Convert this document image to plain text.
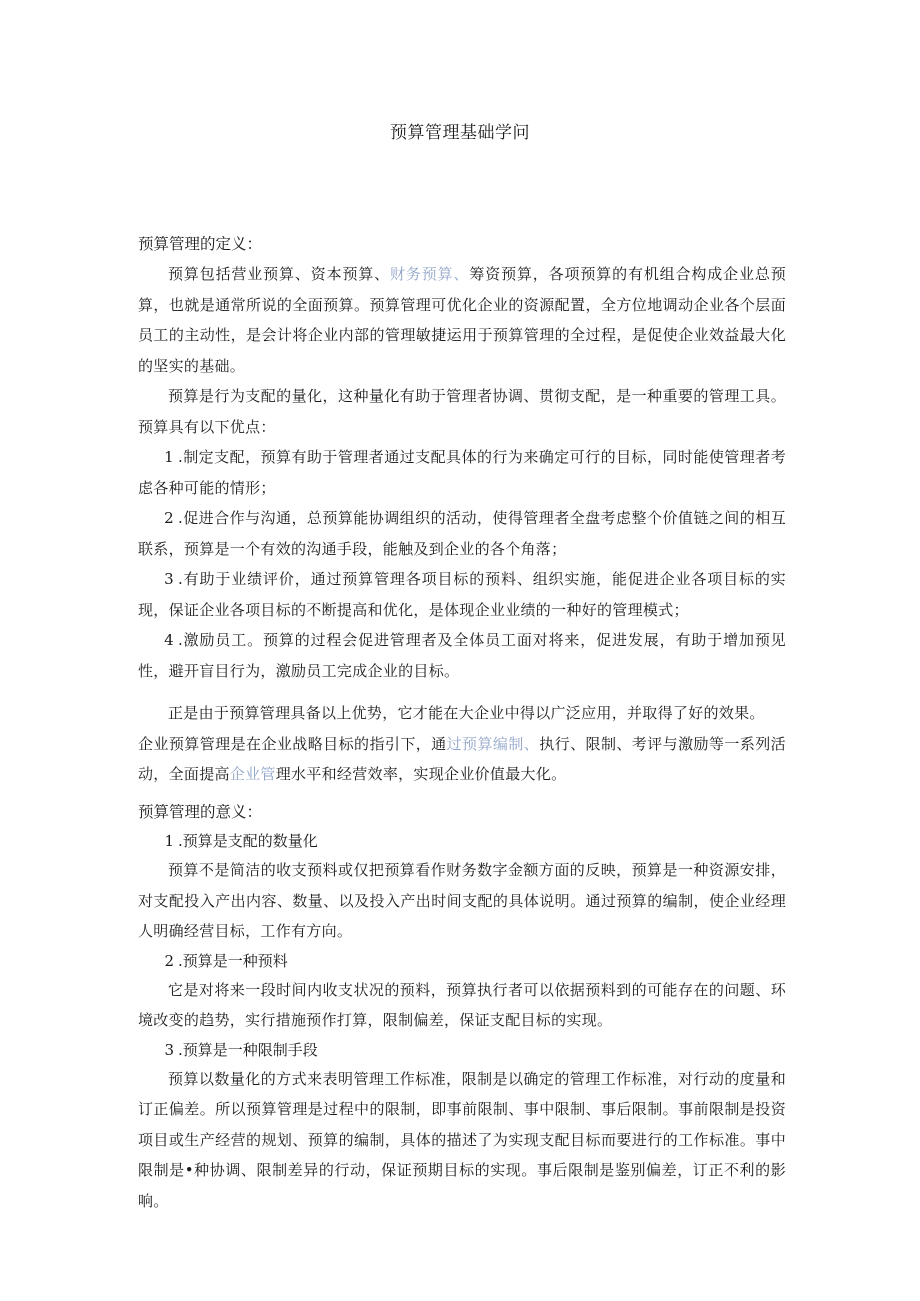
预算管理基础学问

预算管理的定义：

预算包括营业预算、资本预算、财务预算、筹资预算，各项预算的有机组合构成企业总预算，也就是通常所说的全面预算。预算管理可优化企业的资源配置，全方位地调动企业各个层面员工的主动性，是会计将企业内部的管理敏捷运用于预算管理的全过程，是促使企业效益最大化的坚实的基础。

预算是行为支配的量化，这种量化有助于管理者协调、贯彻支配，是一种重要的管理工具。预算具有以下优点：

1 .制定支配，预算有助于管理者通过支配具体的行为来确定可行的目标，同时能使管理者考虑各种可能的情形；

2 .促进合作与沟通，总预算能协调组织的活动，使得管理者全盘考虑整个价值链之间的相互联系，预算是一个有效的沟通手段，能触及到企业的各个角落；

3 .有助于业绩评价，通过预算管理各项目标的预料、组织实施，能促进企业各项目标的实现，保证企业各项目标的不断提高和优化，是体现企业业绩的一种好的管理模式；

4 .激励员工。预算的过程会促进管理者及全体员工面对将来，促进发展，有助于增加预见性，避开盲目行为，激励员工完成企业的目标。

正是由于预算管理具备以上优势，它才能在大企业中得以广泛应用，并取得了好的效果。

企业预算管理是在企业战略目标的指引下，通过预算编制、执行、限制、考评与激励等一系列活动，全面提高企业管理水平和经营效率，实现企业价值最大化。

预算管理的意义：

1 .预算是支配的数量化

预算不是简洁的收支预料或仅把预算看作财务数字金额方面的反映，预算是一种资源安排，对支配投入产出内容、数量、以及投入产出时间支配的具体说明。通过预算的编制，使企业经理人明确经营目标，工作有方向。

2 .预算是一种预料

它是对将来一段时间内收支状况的预料，预算执行者可以依据预料到的可能存在的问题、环境改变的趋势，实行措施预作打算，限制偏差，保证支配目标的实现。

3 .预算是一种限制手段

预算以数量化的方式来表明管理工作标准，限制是以确定的管理工作标准，对行动的度量和订正偏差。所以预算管理是过程中的限制，即事前限制、事中限制、事后限制。事前限制是投资项目或生产经营的规划、预算的编制，具体的描述了为实现支配目标而要进行的工作标准。事中限制是•种协调、限制差异的行动，保证预期目标的实现。事后限制是鉴别偏差，订正不利的影响。
